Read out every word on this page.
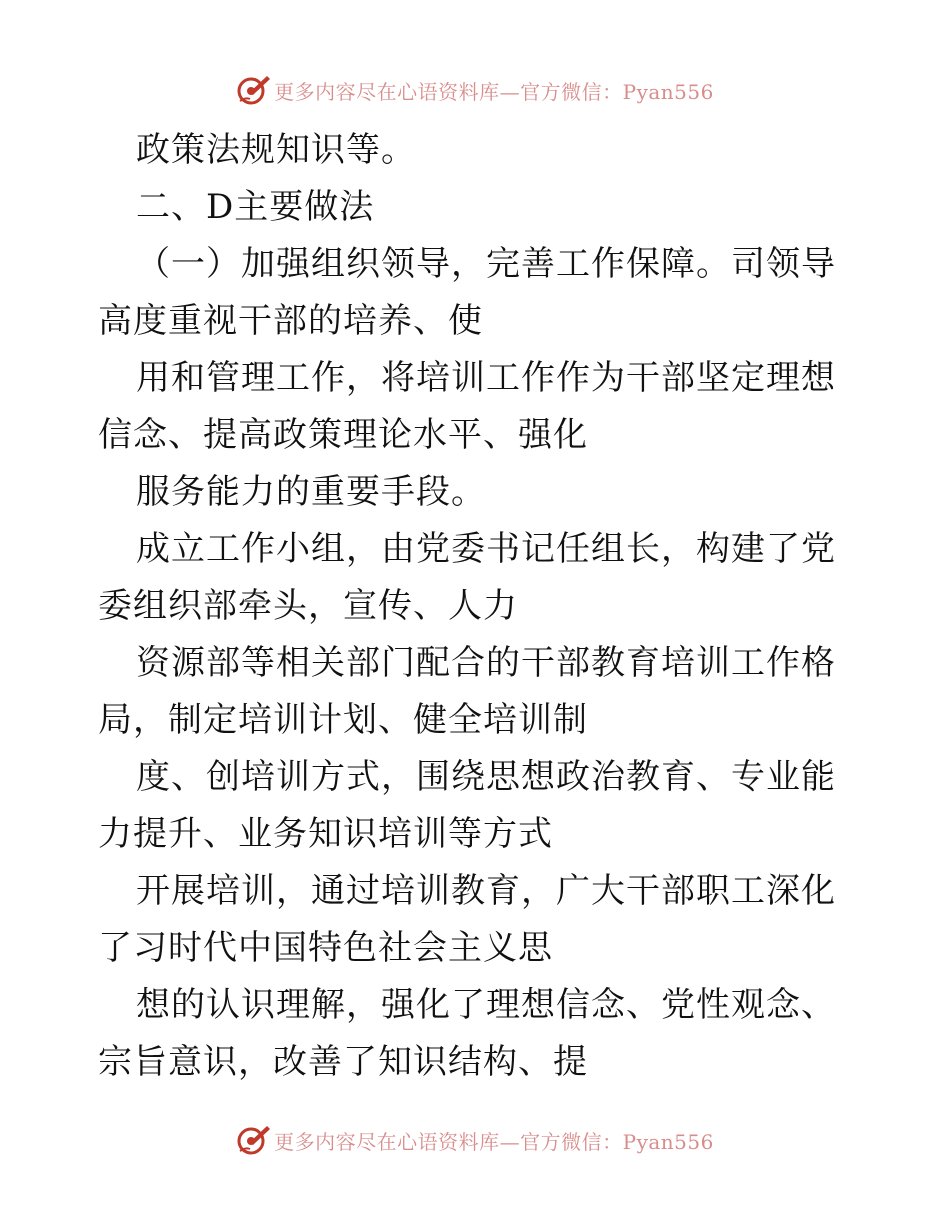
更多内容尽在心语资料库—官方微信：Pyan556

政策法规知识等。

二、D主要做法

（一）加强组织领导，完善工作保障。司领导高度重视干部的培养、使

用和管理工作，将培训工作作为干部坚定理想信念、提高政策理论水平、强化

服务能力的重要手段。

成立工作小组，由党委书记任组长，构建了党委组织部牵头，宣传、人力

资源部等相关部门配合的干部教育培训工作格局，制定培训计划、健全培训制

度、创培训方式，围绕思想政治教育、专业能力提升、业务知识培训等方式

开展培训，通过培训教育，广大干部职工深化了习时代中国特色社会主义思

想的认识理解，强化了理想信念、党性观念、宗旨意识，改善了知识结构、提

更多内容尽在心语资料库—官方微信：Pyan556
